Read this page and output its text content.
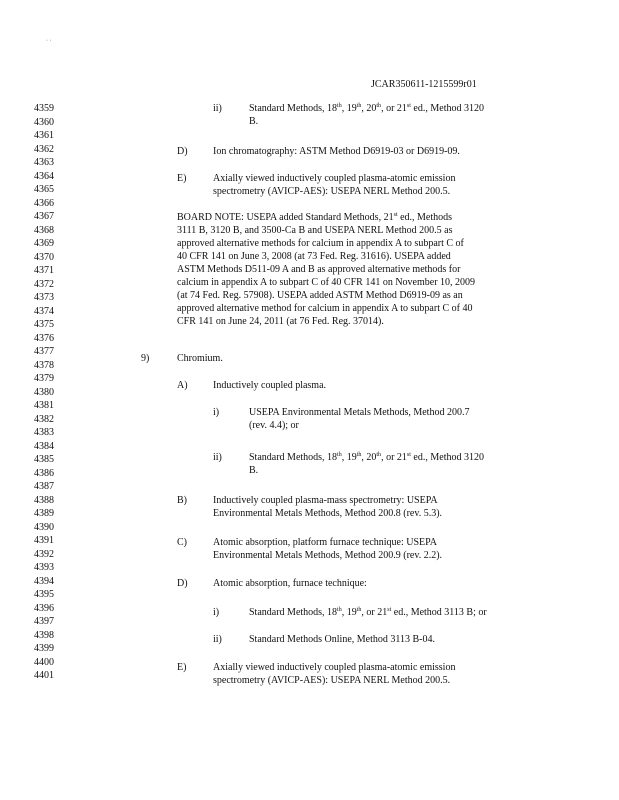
· ·
JCAR350611-1215599r01
4359
4360
4361
4362
4363
4364
4365
4366
4367
4368
4369
4370
4371
4372
4373
4374
4375
4376
4377
4378
4379
4380
4381
4382
4383
4384
4385
4386
4387
4388
4389
4390
4391
4392
4393
4394
4395
4396
4397
4398
4399
4400
4401
ii)	Standard Methods, 18th, 19th, 20th, or 21st ed., Method 3120
B.
D)	Ion chromatography: ASTM Method D6919-03 or D6919-09.
E)	Axially viewed inductively coupled plasma-atomic emission
spectrometry (AVICP-AES): USEPA NERL Method 200.5.
BOARD NOTE: USEPA added Standard Methods, 21st ed., Methods
3111 B, 3120 B, and 3500-Ca B and USEPA NERL Method 200.5 as
approved alternative methods for calcium in appendix A to subpart C of
40 CFR 141 on June 3, 2008 (at 73 Fed. Reg. 31616). USEPA added
ASTM Methods D511-09 A and B as approved alternative methods for
calcium in appendix A to subpart C of 40 CFR 141 on November 10, 2009
(at 74 Fed. Reg. 57908). USEPA added ASTM Method D6919-09 as an
approved alternative method for calcium in appendix A to subpart C of 40
CFR 141 on June 24, 2011 (at 76 Fed. Reg. 37014).
9)	Chromium.
A)	Inductively coupled plasma.
i)	USEPA Environmental Metals Methods, Method 200.7
(rev. 4.4); or
ii)	Standard Methods, 18th, 19th, 20th, or 21st ed., Method 3120
B.
B)	Inductively coupled plasma-mass spectrometry: USEPA
Environmental Metals Methods, Method 200.8 (rev. 5.3).
C)	Atomic absorption, platform furnace technique: USEPA
Environmental Metals Methods, Method 200.9 (rev. 2.2).
D)	Atomic absorption, furnace technique:
i)	Standard Methods, 18th, 19th, or 21st ed., Method 3113 B; or
ii)	Standard Methods Online, Method 3113 B-04.
E)	Axially viewed inductively coupled plasma-atomic emission
spectrometry (AVICP-AES): USEPA NERL Method 200.5.
